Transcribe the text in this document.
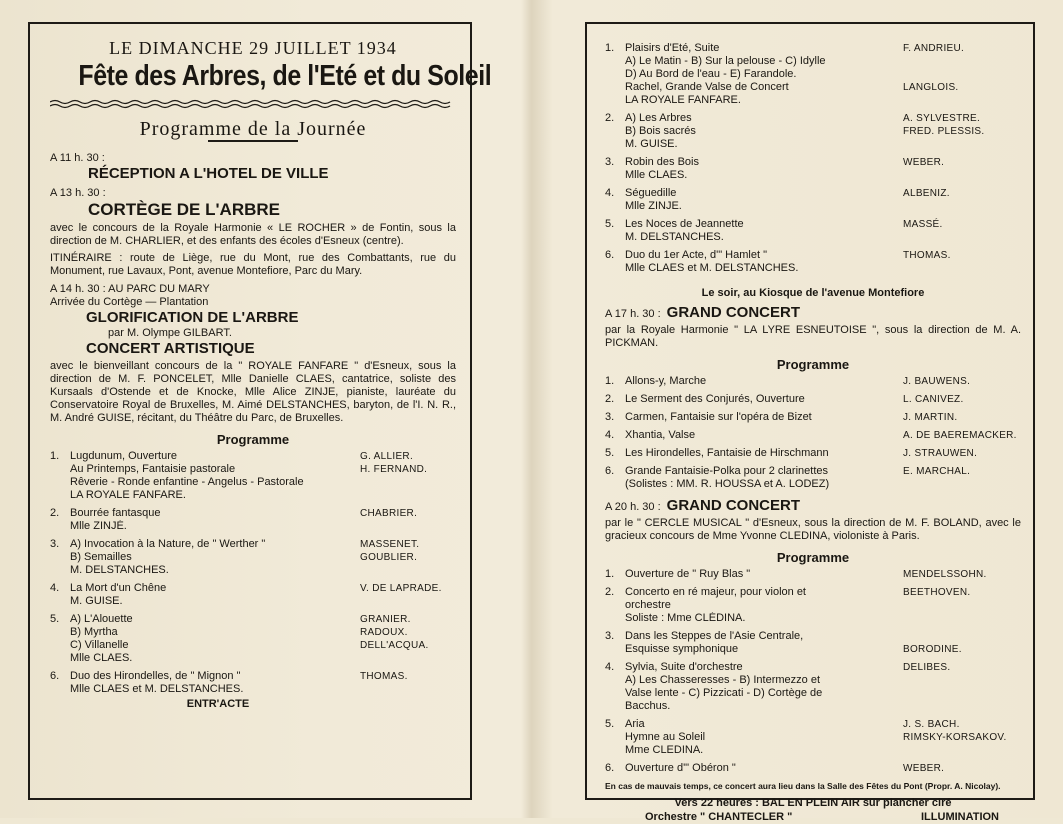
LE DIMANCHE 29 JUILLET 1934
Fête des Arbres, de l'Eté et du Soleil
Programme de la Journée
A 11 h. 30 :
RÉCEPTION A L'HOTEL DE VILLE
A 13 h. 30 :
CORTÈGE DE L'ARBRE
avec le concours de la Royale Harmonie « LE ROCHER » de Fontin, sous la direction de M. CHARLIER, et des enfants des écoles d'Esneux (centre).
ITINÉRAIRE : route de Liège, rue du Mont, rue des Combattants, rue du Monument, rue Lavaux, Pont, avenue Montefiore, Parc du Mary.
A 14 h. 30 : AU PARC DU MARY
Arrivée du Cortège — Plantation
GLORIFICATION DE L'ARBRE
par M. Olympe GILBART.
CONCERT ARTISTIQUE
avec le bienveillant concours de la " ROYALE FANFARE " d'Esneux, sous la direction de M. F. PONCELET, Mlle Danielle CLAES, cantatrice, soliste des Kursaals d'Ostende et de Knocke, Mlle Alice ZINJE, pianiste, lauréate du Conservatoire Royal de Bruxelles, M. Aimé DELSTANCHES, baryton, de l'I. N. R., M. André GUISE, récitant, du Théâtre du Parc, de Bruxelles.
Programme
1. Lugdunum, Ouverture	G. ALLIER.
Au Printemps, Fantaisie pastorale	H. FERNAND.
Rêverie - Ronde enfantine - Angelus - Pastorale
LA ROYALE FANFARE.
2. Bourrée fantasque	CHABRIER.
Mlle ZINJÉ.
3. A) Invocation à la Nature, de " Werther "	MASSENET.
B) Semailles	GOUBLIER.
M. DELSTANCHES.
4. La Mort d'un Chêne	V. DE LAPRADE.
M. GUISE.
5. A) L'Alouette	GRANIER.
B) Myrtha	RADOUX.
C) Villanelle	DELL'ACQUA.
Mlle CLAES.
6. Duo des Hirondelles, de " Mignon "	THOMAS.
Mlle CLAES et M. DELSTANCHES.
ENTR'ACTE
1. Plaisirs d'Eté, Suite	F. ANDRIEU.
A) Le Matin - B) Sur la pelouse - C) Idylle
D) Au Bord de l'eau - E) Farandole.
Rachel, Grande Valse de Concert	LANGLOIS.
LA ROYALE FANFARE.
2. A) Les Arbres	A. SYLVESTRE.
B) Bois sacrés	FRED. PLESSIS.
M. GUISE.
3. Robin des Bois	WEBER.
Mlle CLAES.
4. Séguedille	ALBENIZ.
Mlle ZINJE.
5. Les Noces de Jeannette	MASSÉ.
M. DELSTANCHES.
6. Duo du 1er Acte, d'" Hamlet "	THOMAS.
Mlle CLAES et M. DELSTANCHES.
Le soir, au Kiosque de l'avenue Montefiore
A 17 h. 30 : GRAND CONCERT
par la Royale Harmonie " LA LYRE ESNEUTOISE ", sous la direction de M. A. PICKMAN.
Programme
1. Allons-y, Marche	J. BAUWENS.
2. Le Serment des Conjurés, Ouverture	L. CANIVEZ.
3. Carmen, Fantaisie sur l'opéra de Bizet	J. MARTIN.
4. Xhantia, Valse	A. DE BAEREMACKER.
5. Les Hirondelles, Fantaisie de Hirschmann	J. STRAUWEN.
6. Grande Fantaisie-Polka pour 2 clarinettes	E. MARCHAL.
(Solistes : MM. R. HOUSSA et A. LODEZ)
A 20 h. 30 : GRAND CONCERT
par le " CERCLE MUSICAL " d'Esneux, sous la direction de M. F. BOLAND, avec le gracieux concours de Mme Yvonne CLEDINA, violoniste à Paris.
Programme
1. Ouverture de " Ruy Blas "	MENDELSSOHN.
2. Concerto en ré majeur, pour violon et	BEETHOVEN.
orchestre
Soliste : Mme CLÉDINA.
3. Dans les Steppes de l'Asie Centrale,
Esquisse symphonique	BORODINE.
4. Sylvia, Suite d'orchestre	DELIBES.
A) Les Chasseresses - B) Intermezzo et
Valse lente - C) Pizzicati - D) Cortège de
Bacchus.
5. Aria	J. S. BACH.
Hymne au Soleil	RIMSKY-KORSAKOV.
Mme CLEDINA.
6. Ouverture d'" Obéron "	WEBER.
En cas de mauvais temps, ce concert aura lieu dans la Salle des Fêtes du Pont (Propr. A. Nicolay).
Vers 22 heures : BAL EN PLEIN AIR sur plancher ciré
Orchestre " CHANTECLER "	ILLUMINATION
